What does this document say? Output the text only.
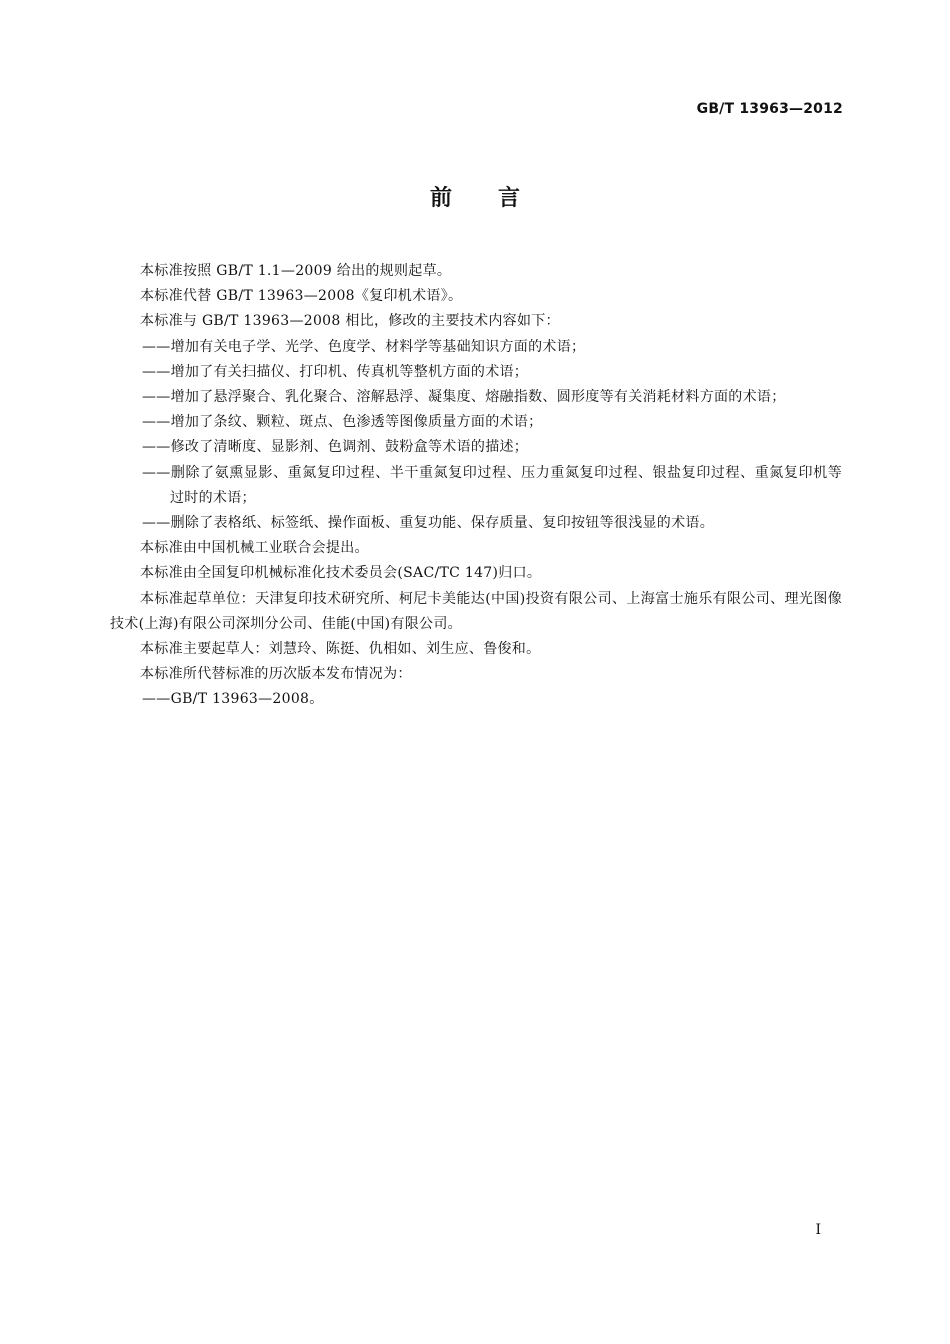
GB/T 13963—2012
前言

本标准按照 GB/T 1.1—2009 给出的规则起草。

本标准代替 GB/T 13963—2008《复印机术语》。

本标准与 GB/T 13963—2008 相比，修改的主要技术内容如下：

——增加有关电子学、光学、色度学、材料学等基础知识方面的术语；

——增加了有关扫描仪、打印机、传真机等整机方面的术语；

——增加了悬浮聚合、乳化聚合、溶解悬浮、凝集度、熔融指数、圆形度等有关消耗材料方面的术语；

——增加了条纹、颗粒、斑点、色渗透等图像质量方面的术语；

——修改了清晰度、显影剂、色调剂、鼓粉盒等术语的描述；

——删除了氨熏显影、重氮复印过程、半干重氮复印过程、压力重氮复印过程、银盐复印过程、重氮复印机等过时的术语；

——删除了表格纸、标签纸、操作面板、重复功能、保存质量、复印按钮等很浅显的术语。

本标准由中国机械工业联合会提出。

本标准由全国复印机械标准化技术委员会(SAC/TC 147)归口。

本标准起草单位：天津复印技术研究所、柯尼卡美能达(中国)投资有限公司、上海富士施乐有限公司、理光图像技术(上海)有限公司深圳分公司、佳能(中国)有限公司。

本标准主要起草人：刘慧玲、陈挺、仇相如、刘生应、鲁俊和。

本标准所代替标准的历次版本发布情况为：

——GB/T 13963—2008。

I
